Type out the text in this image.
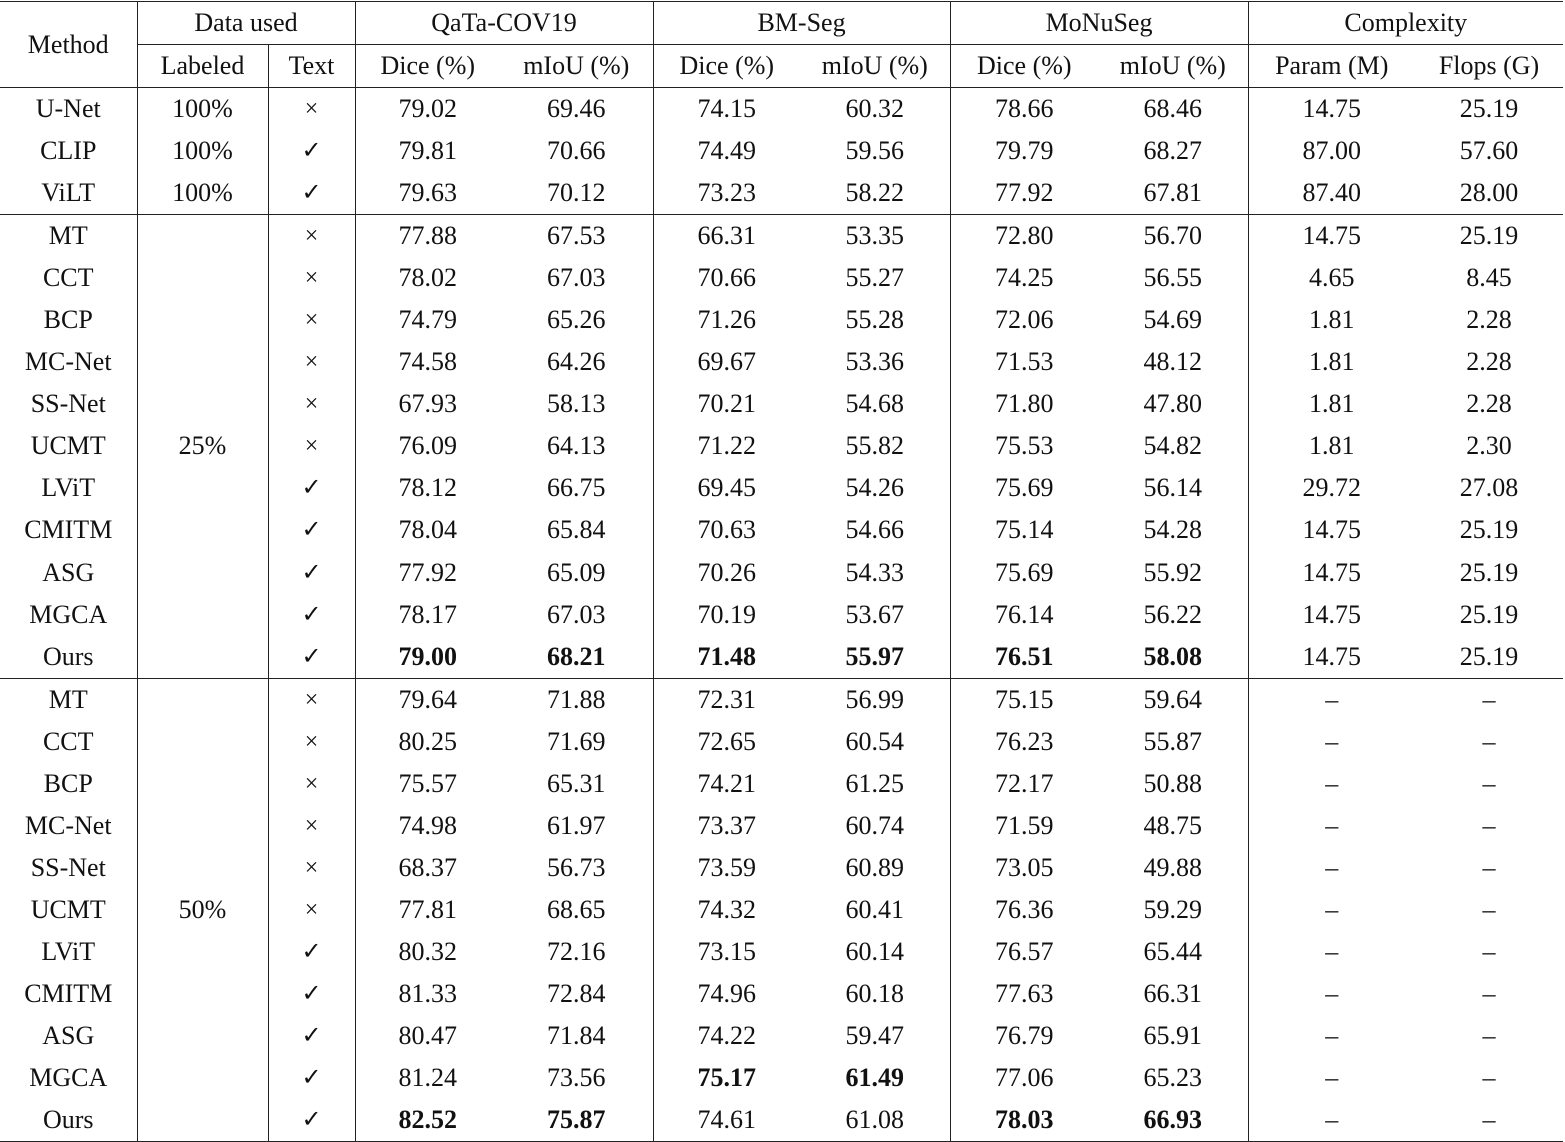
Method	Data used		QaTa-COV19		BM-Seg		MoNuSeg		Complexity	
	Labeled	Text	Dice (%)	mIoU (%)	Dice (%)	mIoU (%)	Dice (%)	mIoU (%)	Param (M)	Flops (G)
U-Net	100%	×	79.02	69.46	74.15	60.32	78.66	68.46	14.75	25.19
CLIP	100%	✓	79.81	70.66	74.49	59.56	79.79	68.27	87.00	57.60
ViLT	100%	✓	79.63	70.12	73.23	58.22	77.92	67.81	87.40	28.00
MT	25%	×	77.88	67.53	66.31	53.35	72.80	56.70	14.75	25.19
CCT		×	78.02	67.03	70.66	55.27	74.25	56.55	4.65	8.45
BCP		×	74.79	65.26	71.26	55.28	72.06	54.69	1.81	2.28
MC-Net		×	74.58	64.26	69.67	53.36	71.53	48.12	1.81	2.28
SS-Net		×	67.93	58.13	70.21	54.68	71.80	47.80	1.81	2.28
UCMT		×	76.09	64.13	71.22	55.82	75.53	54.82	1.81	2.30
LViT		✓	78.12	66.75	69.45	54.26	75.69	56.14	29.72	27.08
CMITM		✓	78.04	65.84	70.63	54.66	75.14	54.28	14.75	25.19
ASG		✓	77.92	65.09	70.26	54.33	75.69	55.92	14.75	25.19
MGCA		✓	78.17	67.03	70.19	53.67	76.14	56.22	14.75	25.19
Ours		✓	79.00	68.21	71.48	55.97	76.51	58.08	14.75	25.19
MT	50%	×	79.64	71.88	72.31	56.99	75.15	59.64	–	–
CCT		×	80.25	71.69	72.65	60.54	76.23	55.87	–	–
BCP		×	75.57	65.31	74.21	61.25	72.17	50.88	–	–
MC-Net		×	74.98	61.97	73.37	60.74	71.59	48.75	–	–
SS-Net		×	68.37	56.73	73.59	60.89	73.05	49.88	–	–
UCMT		×	77.81	68.65	74.32	60.41	76.36	59.29	–	–
LViT		✓	80.32	72.16	73.15	60.14	76.57	65.44	–	–
CMITM		✓	81.33	72.84	74.96	60.18	77.63	66.31	–	–
ASG		✓	80.47	71.84	74.22	59.47	76.79	65.91	–	–
MGCA		✓	81.24	73.56	75.17	61.49	77.06	65.23	–	–
Ours		✓	82.52	75.87	74.61	61.08	78.03	66.93	–	–
